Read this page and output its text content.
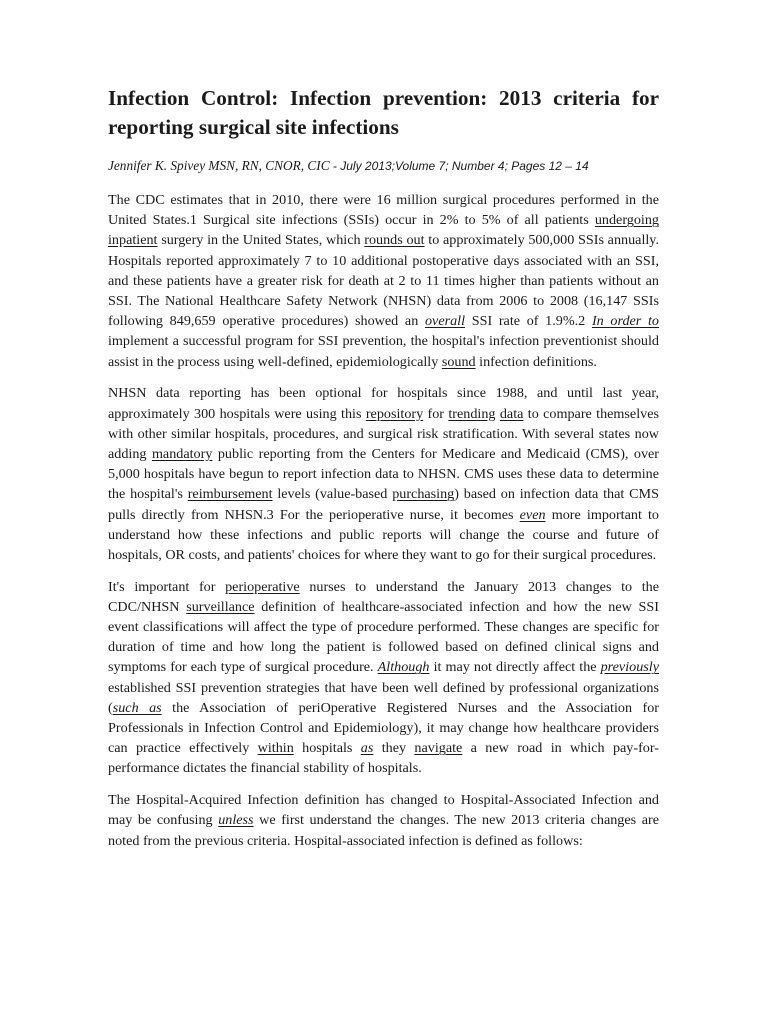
Infection Control: Infection prevention: 2013 criteria for reporting surgical site infections
Jennifer K. Spivey MSN, RN, CNOR, CIC - July 2013;Volume 7; Number 4; Pages 12 – 14

The CDC estimates that in 2010, there were 16 million surgical procedures performed in the United States.1 Surgical site infections (SSIs) occur in 2% to 5% of all patients undergoing inpatient surgery in the United States, which rounds out to approximately 500,000 SSIs annually. Hospitals reported approximately 7 to 10 additional postoperative days associated with an SSI, and these patients have a greater risk for death at 2 to 11 times higher than patients without an SSI. The National Healthcare Safety Network (NHSN) data from 2006 to 2008 (16,147 SSIs following 849,659 operative procedures) showed an overall SSI rate of 1.9%.2 In order to implement a successful program for SSI prevention, the hospital's infection preventionist should assist in the process using well-defined, epidemiologically sound infection definitions.

NHSN data reporting has been optional for hospitals since 1988, and until last year, approximately 300 hospitals were using this repository for trending data to compare themselves with other similar hospitals, procedures, and surgical risk stratification. With several states now adding mandatory public reporting from the Centers for Medicare and Medicaid (CMS), over 5,000 hospitals have begun to report infection data to NHSN. CMS uses these data to determine the hospital's reimbursement levels (value-based purchasing) based on infection data that CMS pulls directly from NHSN.3 For the perioperative nurse, it becomes even more important to understand how these infections and public reports will change the course and future of hospitals, OR costs, and patients' choices for where they want to go for their surgical procedures.

It's important for perioperative nurses to understand the January 2013 changes to the CDC/NHSN surveillance definition of healthcare-associated infection and how the new SSI event classifications will affect the type of procedure performed. These changes are specific for duration of time and how long the patient is followed based on defined clinical signs and symptoms for each type of surgical procedure. Although it may not directly affect the previously established SSI prevention strategies that have been well defined by professional organizations (such as the Association of periOperative Registered Nurses and the Association for Professionals in Infection Control and Epidemiology), it may change how healthcare providers can practice effectively within hospitals as they navigate a new road in which pay-for-performance dictates the financial stability of hospitals.

The Hospital-Acquired Infection definition has changed to Hospital-Associated Infection and may be confusing unless we first understand the changes. The new 2013 criteria changes are noted from the previous criteria. Hospital-associated infection is defined as follows:
